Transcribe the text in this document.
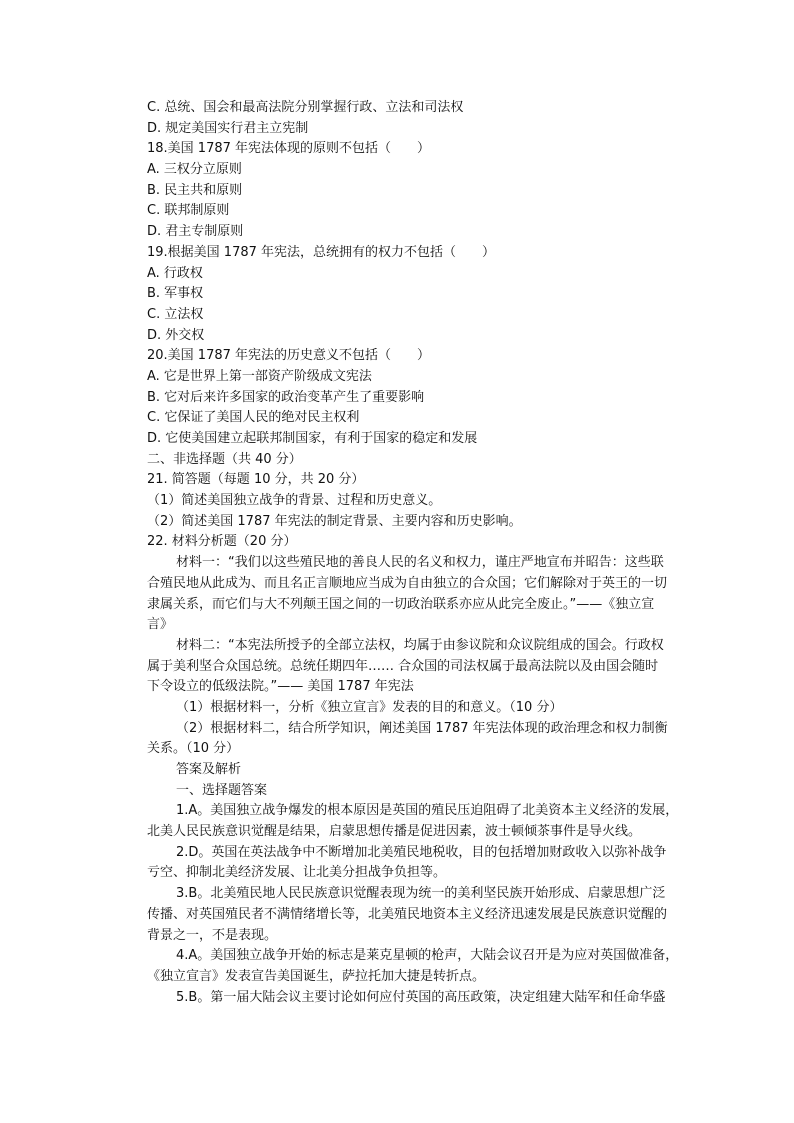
C. 总统、国会和最高法院分别掌握行政、立法和司法权
D. 规定美国实行君主立宪制
18.美国 1787 年宪法体现的原则不包括（　　）
A. 三权分立原则
B. 民主共和原则
C. 联邦制原则
D. 君主专制原则
19.根据美国 1787 年宪法，总统拥有的权力不包括（　　）
A. 行政权
B. 军事权
C. 立法权
D. 外交权
20.美国 1787 年宪法的历史意义不包括（　　）
A. 它是世界上第一部资产阶级成文宪法
B. 它对后来许多国家的政治变革产生了重要影响
C. 它保证了美国人民的绝对民主权利
D. 它使美国建立起联邦制国家，有利于国家的稳定和发展
二、非选择题（共 40 分）
21. 简答题（每题 10 分，共 20 分）
（1）简述美国独立战争的背景、过程和历史意义。
（2）简述美国 1787 年宪法的制定背景、主要内容和历史影响。
22. 材料分析题（20 分）
材料一：“我们以这些殖民地的善良人民的名义和权力，谨庄严地宣布并昭告：这些联
合殖民地从此成为、而且名正言顺地应当成为自由独立的合众国；它们解除对于英王的一切
隶属关系，而它们与大不列颠王国之间的一切政治联系亦应从此完全废止。”——《独立宣
言》
材料二：“本宪法所授予的全部立法权，均属于由参议院和众议院组成的国会。行政权
属于美利坚合众国总统。总统任期四年…… 合众国的司法权属于最高法院以及由国会随时
下令设立的低级法院。”—— 美国 1787 年宪法
（1）根据材料一，分析《独立宣言》发表的目的和意义。（10 分）
（2）根据材料二，结合所学知识，阐述美国 1787 年宪法体现的政治理念和权力制衡
关系。（10 分）
答案及解析
一、选择题答案
1.A。美国独立战争爆发的根本原因是英国的殖民压迫阻碍了北美资本主义经济的发展，
北美人民民族意识觉醒是结果，启蒙思想传播是促进因素，波士顿倾茶事件是导火线。
2.D。英国在英法战争中不断增加北美殖民地税收，目的包括增加财政收入以弥补战争
亏空、抑制北美经济发展、让北美分担战争负担等。
3.B。北美殖民地人民民族意识觉醒表现为统一的美利坚民族开始形成、启蒙思想广泛
传播、对英国殖民者不满情绪增长等，北美殖民地资本主义经济迅速发展是民族意识觉醒的
背景之一，不是表现。
4.A。美国独立战争开始的标志是莱克星顿的枪声，大陆会议召开是为应对英国做准备，
《独立宣言》发表宣告美国诞生，萨拉托加大捷是转折点。
5.B。第一届大陆会议主要讨论如何应付英国的高压政策，决定组建大陆军和任命华盛
